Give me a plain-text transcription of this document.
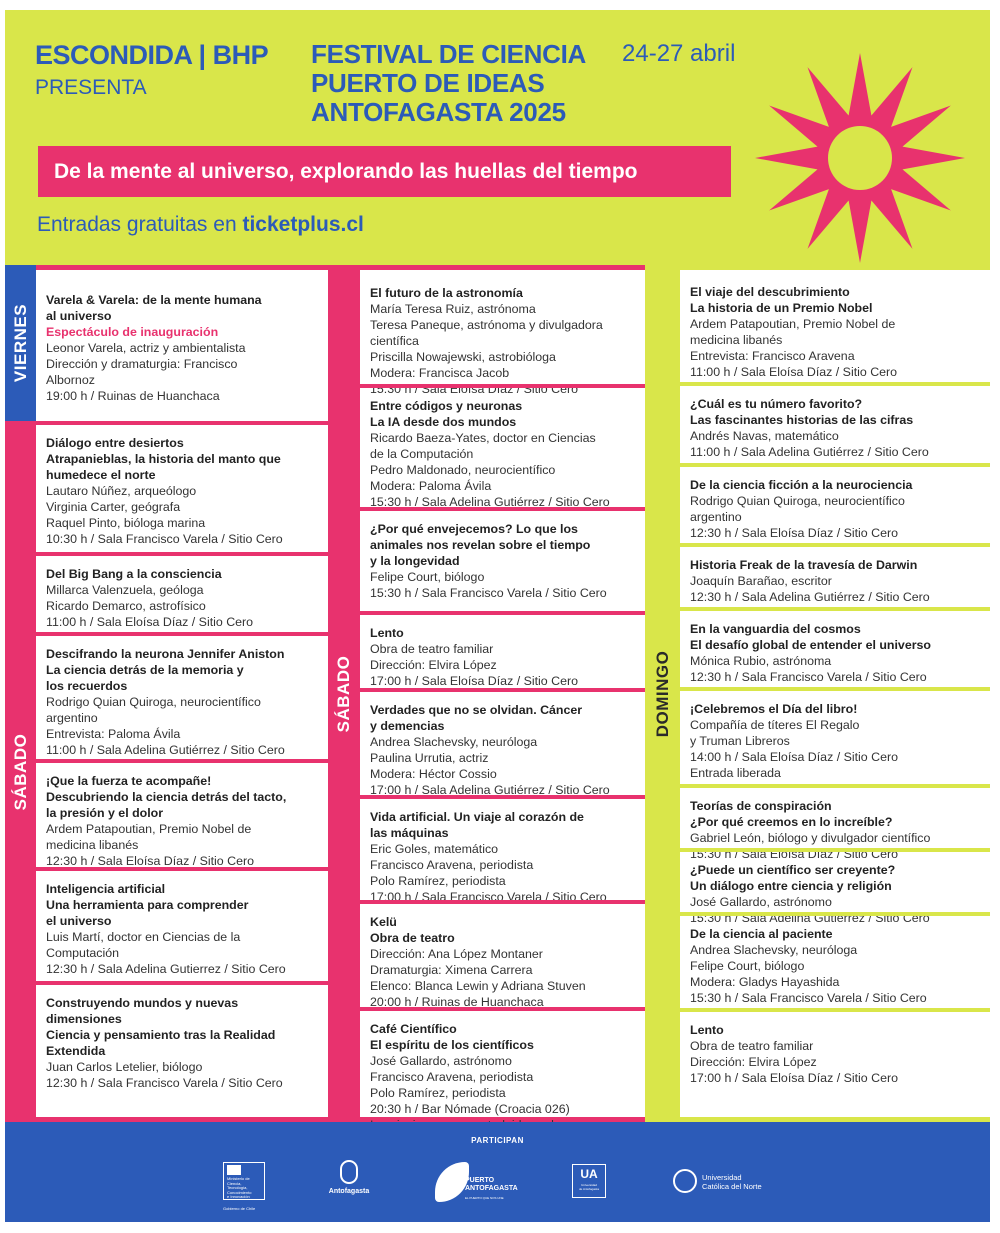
ESCONDIDA | BHP
PRESENTA
FESTIVAL DE CIENCIA
PUERTO DE IDEAS
ANTOFAGASTA 2025
24-27 abril
De la mente al universo, explorando las huellas del tiempo
Entradas gratuitas en ticketplus.cl
VIERNES
SÁBADO
SÁBADO	DOMINGO
Varela & Varela: de la mente humana
al universo
Espectáculo de inauguración
Leonor Varela, actriz y ambientalista
Dirección y dramaturgia: Francisco
Albornoz
19:00 h / Ruinas de Huanchaca
Diálogo entre desiertos
Atrapanieblas, la historia del manto que
humedece el norte
Lautaro Núñez, arqueólogo
Virginia Carter, geógrafa
Raquel Pinto, bióloga marina
10:30 h / Sala Francisco Varela / Sitio Cero
Del Big Bang a la consciencia
Millarca Valenzuela, geóloga
Ricardo Demarco, astrofísico
11:00 h / Sala Eloísa Díaz / Sitio Cero
Descifrando la neurona Jennifer Aniston
La ciencia detrás de la memoria y
los recuerdos
Rodrigo Quian Quiroga, neurocientífico
argentino
Entrevista: Paloma Ávila
11:00 h / Sala Adelina Gutiérrez / Sitio Cero
¡Que la fuerza te acompañe!
Descubriendo la ciencia detrás del tacto,
la presión y el dolor
Ardem Patapoutian, Premio Nobel de
medicina libanés
12:30 h / Sala Eloísa Díaz / Sitio Cero
Inteligencia artificial
Una herramienta para comprender
el universo
Luis Martí, doctor en Ciencias de la
Computación
12:30 h / Sala Adelina Gutierrez / Sitio Cero
Construyendo mundos y nuevas
dimensiones
Ciencia y pensamiento tras la Realidad
Extendida
Juan Carlos Letelier, biólogo
12:30 h / Sala Francisco Varela / Sitio Cero
El futuro de la astronomía
María Teresa Ruiz, astrónoma
Teresa Paneque, astrónoma y divulgadora
científica
Priscilla Nowajewski, astrobióloga
Modera: Francisca Jacob
15:30 h / Sala Eloísa Díaz / Sitio Cero
Entre códigos y neuronas
La IA desde dos mundos
Ricardo Baeza-Yates, doctor en Ciencias
de la Computación
Pedro Maldonado, neurocientífico
Modera: Paloma Ávila
15:30 h / Sala Adelina Gutiérrez / Sitio Cero
¿Por qué envejecemos? Lo que los
animales nos revelan sobre el tiempo
y la longevidad
Felipe Court, biólogo
15:30 h / Sala Francisco Varela / Sitio Cero
Lento
Obra de teatro familiar
Dirección: Elvira López
17:00 h / Sala Eloísa Díaz / Sitio Cero
Verdades que no se olvidan. Cáncer
y demencias
Andrea Slachevsky, neuróloga
Paulina Urrutia, actriz
Modera: Héctor Cossio
17:00 h / Sala Adelina Gutiérrez / Sitio Cero
Vida artificial. Un viaje al corazón de
las máquinas
Eric Goles, matemático
Francisco Aravena, periodista
Polo Ramírez, periodista
17:00 h / Sala Francisco Varela / Sitio Cero
Kelü
Obra de teatro
Dirección: Ana López Montaner
Dramaturgia: Ximena Carrera
Elenco: Blanca Lewin y Adriana Stuven
20:00 h / Ruinas de Huanchaca
Café Científico
El espíritu de los científicos
José Gallardo, astrónomo
Francisco Aravena, periodista
Polo Ramírez, periodista
20:30 h / Bar Nómade (Croacia 026)
El viaje del descubrimiento
La historia de un Premio Nobel
Ardem Patapoutian, Premio Nobel de
medicina libanés
Entrevista: Francisco Aravena
11:00 h / Sala Eloísa Díaz / Sitio Cero
¿Cuál es tu número favorito?
Las fascinantes historias de las cifras
Andrés Navas, matemático
11:00 h / Sala Adelina Gutiérrez / Sitio Cero
De la ciencia ficción a la neurociencia
Rodrigo Quian Quiroga, neurocientífico
argentino
12:30 h / Sala Eloísa Díaz / Sitio Cero
Historia Freak de la travesía de Darwin
Joaquín Barañao, escritor
12:30 h / Sala Adelina Gutiérrez / Sitio Cero
En la vanguardia del cosmos
El desafío global de entender el universo
Mónica Rubio, astrónoma
12:30 h / Sala Francisco Varela / Sitio Cero
¡Celebremos el Día del libro!
Compañía de títeres El Regalo
y Truman Libreros
14:00 h / Sala Eloísa Díaz / Sitio Cero
Entrada liberada
Teorías de conspiración
¿Por qué creemos en lo increíble?
Gabriel León, biólogo y divulgador científico
15:30 h / Sala Eloísa Díaz / Sitio Cero
¿Puede un científico ser creyente?
Un diálogo entre ciencia y religión
José Gallardo, astrónomo
15:30 h / Sala Adelina Gutiérrez / Sitio Cero
De la ciencia al paciente
Andrea Slachevsky, neuróloga
Felipe Court, biólogo
Modera: Gladys Hayashida
15:30 h / Sala Francisco Varela / Sitio Cero
Lento
Obra de teatro familiar
Dirección: Elvira López
17:00 h / Sala Eloísa Díaz / Sitio Cero
PARTICIPAN
Ministerio de
Ciencia,
Tecnología,
Conocimiento
e Innovación
Gobierno de Chile
Antofagasta
PUERTO
ANTOFAGASTA
EL PUERTO QUE NOS UNE
UA
Universidad
de Antofagasta
Universidad
Católica del Norte
